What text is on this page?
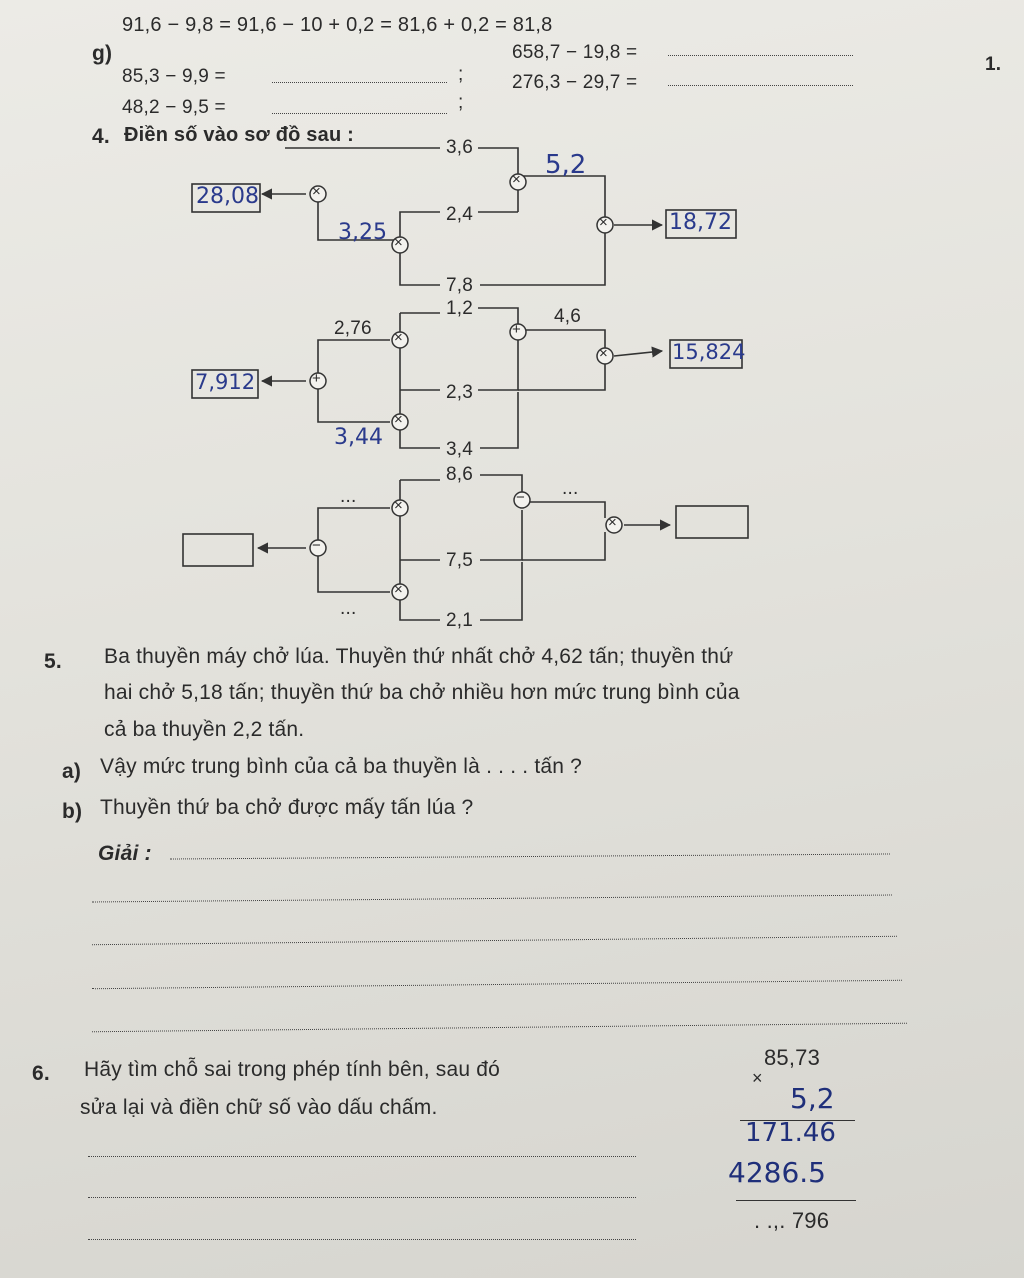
g)
91,6 − 9,8 = 91,6 − 10 + 0,2 = 81,6 + 0,2 = 81,8
85,3 − 9,9 =	;
48,2 − 9,5 =	;
658,7 − 19,8 =
276,3 − 29,7 =
1.
4. Điền số vào sơ đồ sau :
×
×
×
×
×	+
+
×
×
×	−
−
×
×
3,6
2,4
7,8
5,2
3,25
28,08
18,72
1,2	4,6
2,76
2,3
3,4
3,44
7,912
15,824
8,6
7,5
2,1
...	...
...
5. Ba thuyền máy chở lúa. Thuyền thứ nhất chở 4,62 tấn; thuyền thứ
hai chở 5,18 tấn; thuyền thứ ba chở nhiều hơn mức trung bình của
cả ba thuyền 2,2 tấn.
a) Vậy mức trung bình của cả ba thuyền là . . . . tấn ?
b) Thuyền thứ ba chở được mấy tấn lúa ?
Giải :
6. Hãy tìm chỗ sai trong phép tính bên, sau đó
sửa lại và điền chữ số vào dấu chấm.
×
85,73
5,2
171.46
4286.5
. .,. 796
